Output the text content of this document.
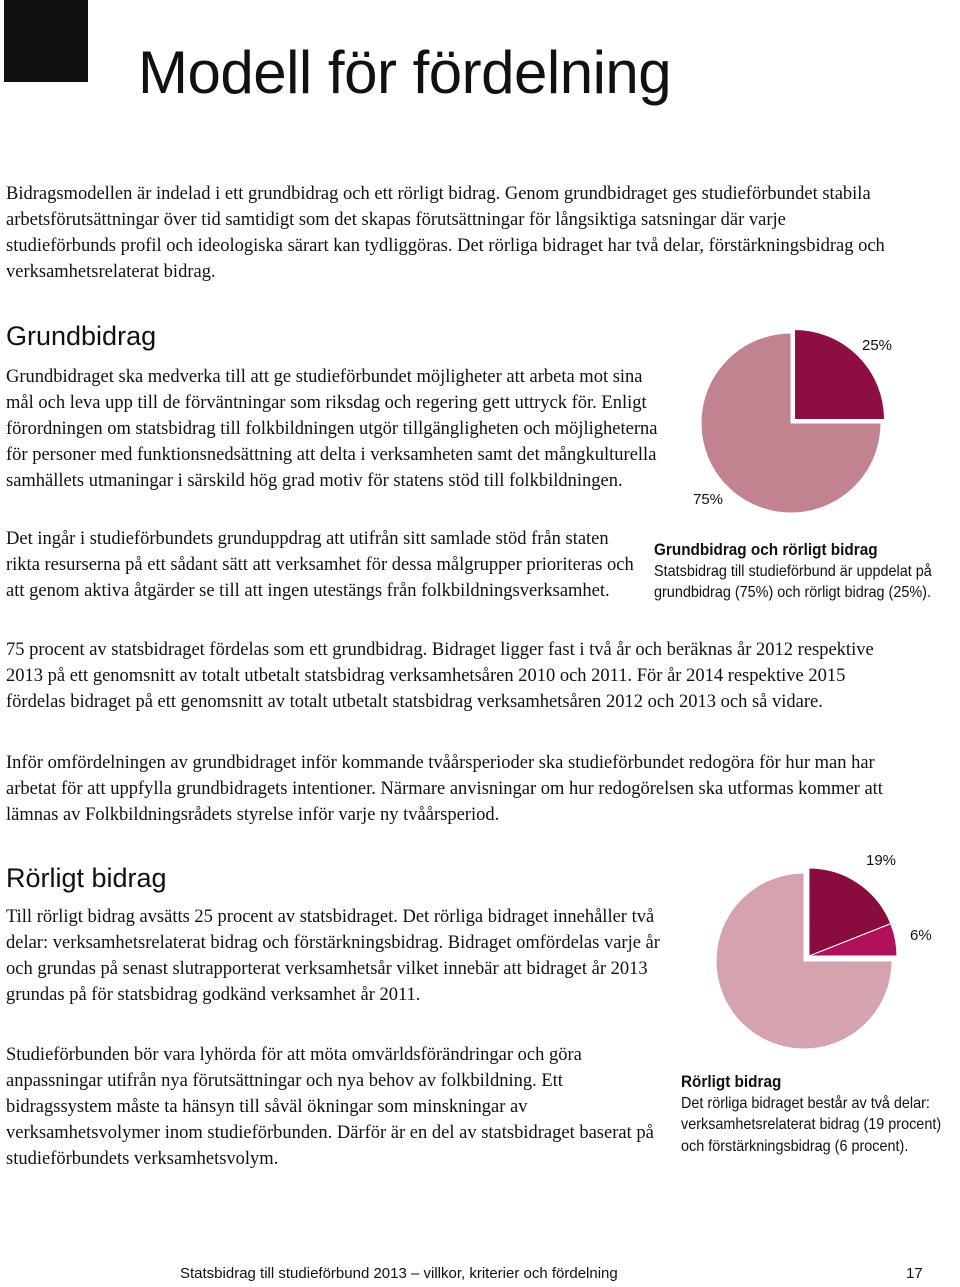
Modell för fördelning

Bidragsmodellen är indelad i ett grundbidrag och ett rörligt bidrag. Genom grundbidraget ges studieförbundet stabila arbetsförutsättningar över tid samtidigt som det skapas förutsättningar för långsiktiga satsningar där varje studieförbunds profil och ideologiska särart kan tydliggöras. Det rörliga bidraget har två delar, förstärkningsbidrag och verksamhetsrelaterat bidrag.

Grundbidrag

Grundbidraget ska medverka till att ge studieförbundet möjligheter att arbeta mot sina mål och leva upp till de förväntningar som riksdag och regering gett uttryck för. Enligt förordningen om statsbidrag till folkbildningen utgör tillgängligheten och möjligheterna för personer med funktionsnedsättning att delta i verksamheten samt det mångkulturella samhällets utmaningar i särskild hög grad motiv för statens stöd till folkbildningen.

Det ingår i studieförbundets grunduppdrag att utifrån sitt samlade stöd från staten rikta resurserna på ett sådant sätt att verksamhet för dessa målgrupper prioriteras och att genom aktiva åtgärder se till att ingen utestängs från folkbildningsverksamhet.

75 procent av statsbidraget fördelas som ett grundbidrag. Bidraget ligger fast i två år och beräknas år 2012 respektive 2013 på ett genomsnitt av totalt utbetalt statsbidrag verksamhetsåren 2010 och 2011. För år 2014 respektive 2015 fördelas bidraget på ett genomsnitt av totalt utbetalt statsbidrag verksamhetsåren 2012 och 2013 och så vidare.

Inför omfördelningen av grundbidraget inför kommande tvåårsperioder ska studieförbundet redogöra för hur man har arbetat för att uppfylla grundbidragets intentioner. Närmare anvisningar om hur redogörelsen ska utformas kommer att lämnas av Folkbildningsrådets styrelse inför varje ny tvåårsperiod.

25%
75%
Grundbidrag och rörligt bidrag
Statsbidrag till studieförbund är uppdelat på
grundbidrag (75%) och rörligt bidrag (25%).
Rörligt bidrag

Till rörligt bidrag avsätts 25 procent av statsbidraget. Det rörliga bidraget innehåller två delar: verksamhetsrelaterat bidrag och förstärkningsbidrag. Bidraget omfördelas varje år och grundas på senast slutrapporterat verksamhetsår vilket innebär att bidraget år 2013 grundas på för statsbidrag godkänd verksamhet år 2011.

Studieförbunden bör vara lyhörda för att möta omvärldsförändringar och göra anpassningar utifrån nya förutsättningar och nya behov av folkbildning. Ett bidragssystem måste ta hänsyn till såväl ökningar som minskningar av verksamhetsvolymer inom studieförbunden. Därför är en del av statsbidraget baserat på studieförbundets verksamhetsvolym.

19%
6%
Rörligt bidrag
Det rörliga bidraget består av två delar:
verksamhetsrelaterat bidrag (19 procent)
och förstärkningsbidrag (6 procent).
Statsbidrag till studieförbund 2013 – villkor, kriterier och fördelning	17
